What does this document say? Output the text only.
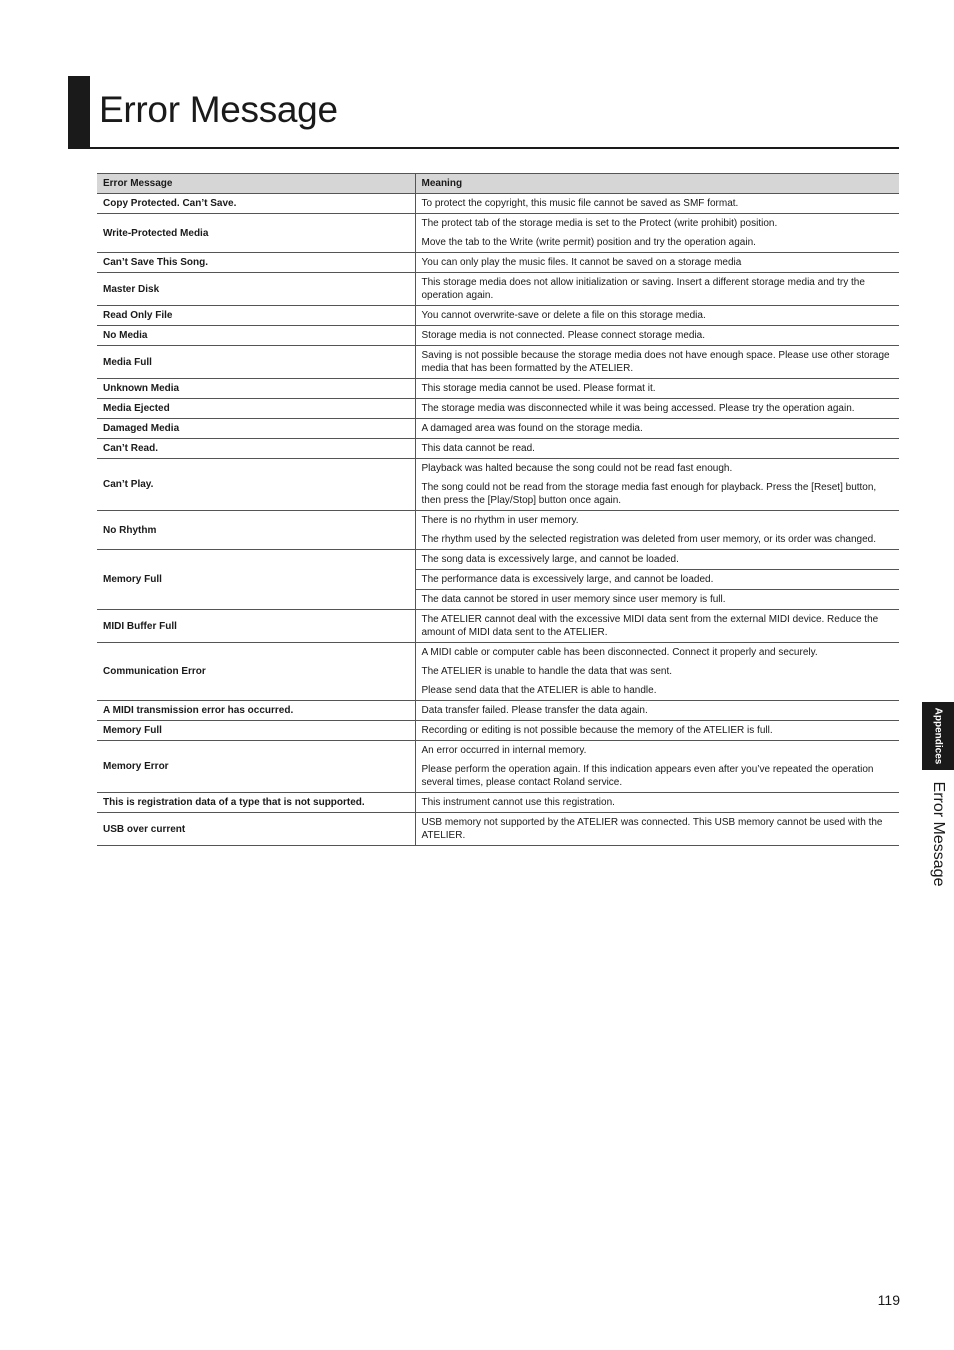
Error Message
Error Message	Meaning
Copy Protected. Can’t Save.	To protect the copyright, this music file cannot be saved as SMF format.

Write-Protected Media	The protect tab of the storage media is set to the Protect (write prohibit) position.
Move the tab to the Write (write permit) position and try the operation again.

Can’t Save This Song.	You can only play the music files. It cannot be saved on a storage media

Master Disk	This storage media does not allow initialization or saving. Insert a different storage media and try the operation again.

Read Only File	You cannot overwrite-save or delete a file on this storage media.

No Media	Storage media is not connected. Please connect storage media.

Media Full	Saving is not possible because the storage media does not have enough space. Please use other storage media that has been formatted by the ATELIER.

Unknown Media	This storage media cannot be used. Please format it.

Media Ejected	The storage media was disconnected while it was being accessed. Please try the operation again.

Damaged Media	A damaged area was found on the storage media.

Can’t Read.	This data cannot be read.

Can’t Play.	Playback was halted because the song could not be read fast enough.
The song could not be read from the storage media fast enough for playback. Press the [Reset] button, then press the [Play/Stop] button once again.

No Rhythm	There is no rhythm in user memory.
The rhythm used by the selected registration was deleted from user memory, or its order was changed.

Memory Full	The song data is excessively large, and cannot be loaded.
The performance data is excessively large, and cannot be loaded.
The data cannot be stored in user memory since user memory is full.

MIDI Buffer Full	The ATELIER cannot deal with the excessive MIDI data sent from the external MIDI device. Reduce the amount of MIDI data sent to the ATELIER.

Communication Error	A MIDI cable or computer cable has been disconnected. Connect it properly and securely.
The ATELIER is unable to handle the data that was sent.
Please send data that the ATELIER is able to handle.

A MIDI transmission error has occurred.	Data transfer failed. Please transfer the data again.

Memory Full	Recording or editing is not possible because the memory of the ATELIER is full.

Memory Error	An error occurred in internal memory.
Please perform the operation again. If this indication appears even after you’ve repeated the operation several times, please contact Roland service.

This is registration data of a type that is not supported.	This instrument cannot use this registration.

USB over current	USB memory not supported by the ATELIER was connected. This USB memory cannot be used with the ATELIER.
Appendices
Error Message
119
